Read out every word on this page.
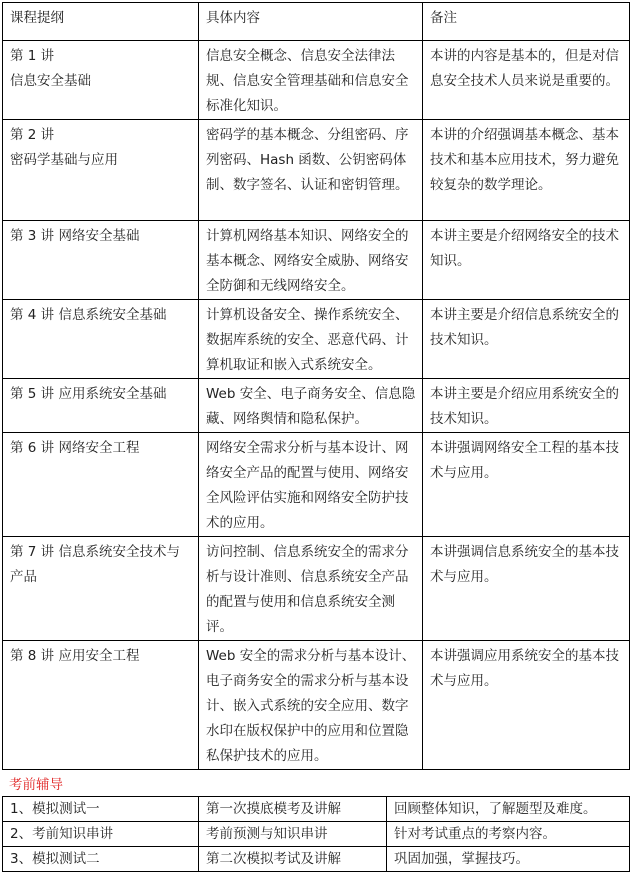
课程提纲	具体内容	备注
第 1 讲
信息安全基础	信息安全概念、信息安全法律法规、信息安全管理基础和信息安全标准化知识。	本讲的内容是基本的，但是对信息安全技术人员来说是重要的。
第 2 讲
密码学基础与应用	密码学的基本概念、分组密码、序列密码、Hash 函数、公钥密码体制、数字签名、认证和密钥管理。	本讲的介绍强调基本概念、基本技术和基本应用技术，努力避免较复杂的数学理论。
第 3 讲 网络安全基础	计算机网络基本知识、网络安全的基本概念、网络安全威胁、网络安全防御和无线网络安全。	本讲主要是介绍网络安全的技术知识。
第 4 讲 信息系统安全基础	计算机设备安全、操作系统安全、数据库系统的安全、恶意代码、计算机取证和嵌入式系统安全。	本讲主要是介绍信息系统安全的技术知识。
第 5 讲 应用系统安全基础	Web 安全、电子商务安全、信息隐藏、网络舆情和隐私保护。	本讲主要是介绍应用系统安全的技术知识。
第 6 讲 网络安全工程	网络安全需求分析与基本设计、网络安全产品的配置与使用、网络安全风险评估实施和网络安全防护技术的应用。	本讲强调网络安全工程的基本技术与应用。
第 7 讲 信息系统安全技术与产品	访问控制、信息系统安全的需求分析与设计准则、信息系统安全产品的配置与使用和信息系统安全测评。	本讲强调信息系统安全的基本技术与应用。
第 8 讲 应用安全工程	Web 安全的需求分析与基本设计、电子商务安全的需求分析与基本设计、嵌入式系统的安全应用、数字水印在版权保护中的应用和位置隐私保护技术的应用。	本讲强调应用系统安全的基本技术与应用。
考前辅导
1、模拟测试一	第一次摸底模考及讲解	回顾整体知识，了解题型及难度。
2、考前知识串讲	考前预测与知识串讲	针对考试重点的考察内容。
3、模拟测试二	第二次模拟考试及讲解	巩固加强，掌握技巧。
